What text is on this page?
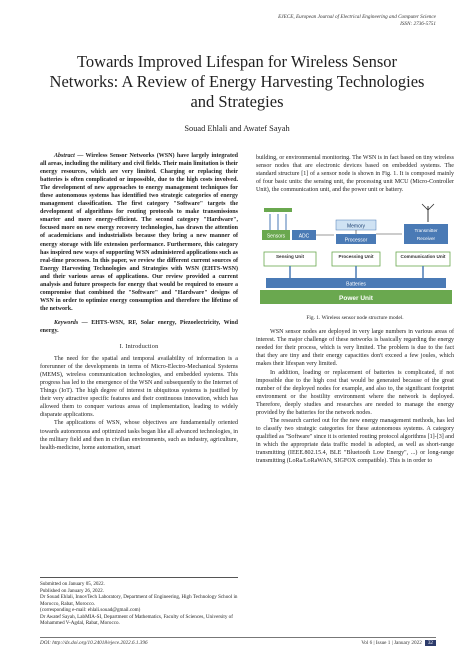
EJECE, European Journal of Electrical Engineering and Computer Science
ISSN: 2736-5751
Towards Improved Lifespan for Wireless Sensor
Networks: A Review of Energy Harvesting Technologies
and Strategies
Souad Ehlali and Awatef Sayah

Abstract — Wireless Sensor Networks (WSN) have largely integrated all areas, including the military and civil fields. Their main limitation is their energy resources, which are very limited. Charging or replacing their batteries is often complicated or impossible, due to the high costs involved. The development of new approaches to energy management techniques for these autonomous systems has identified two strategic categories of energy management classification. The first category "Software" targets the development of algorithms for routing protocols to make transmissions smarter and more energy-efficient. The second category "Hardware", focused more on new energy recovery technologies, has drawn the attention of academicians and industrialists because they bring a new manner of energy storage with life extension performance. Furthermore, this category has inspired new ways of supporting WSN administered applications such as real-time processes. In this paper, we review the different current sources of Energy Harvesting Technologies and Strategies with WSN (EHTS-WSN) and their various areas of applications. Our review provided a current analysis and future prospects for energy that would be required to ensure a compromise that combined the "Software" and "Hardware" designs of WSN in order to optimize energy consumption and therefore the lifetime of the network.

Keywords — EHTS-WSN, RF, Solar energy, Piezoelectricity, Wind energy.

I. Introduction

The need for the spatial and temporal availability of information is a forerunner of the developments in terms of Micro-Electro-Mechanical Systems (MEMS), wireless communication technologies, and embedded systems. This progress has led to the emergence of the WSN and subsequently to the Internet of Things (IoT). The high degree of interest in ubiquitous systems is justified by their very attractive specific features and their continuous innovation, which has allowed them to conquer various areas of implementation, leading to widely disparate applications.

The applications of WSN, whose objectives are fundamentally oriented towards autonomous and optimized tasks began like all advanced technologies, in the military field and then in civilian environments, such as industry, agriculture, health-medicine, home automation, smart

building, or environmental monitoring. The WSN is in fact based on tiny wireless sensor nodes that are electronic devices based on embedded systems. The standard structure [1] of a sensor node is shown in Fig. 1. It is composed mainly of four basic units: the sensing unit, the processing unit MCU (Micro-Controller Unit), the communication unit, and the power unit or battery.

Sensors	ADC
Memory
Processor
Transmitter
Receiver
Sensing Unit	Processing Unit	Communication Unit
Batteries
Power Unit
Fig. 1. Wireless sensor node structure model.

WSN sensor nodes are deployed in very large numbers in various areas of interest. The major challenge of these networks is basically regarding the energy needed for their process, which is very limited. The problem is due to the fact that they are tiny and their energy capacities don't exceed a few joules, which makes their lifespan very limited.

In addition, loading or replacement of batteries is complicated, if not impossible due to the high cost that would be generated because of the great number of the deployed nodes for example, and also to, the significant footprint environment or the hostility environment where the network is deployed. Therefore, deeply studies and researches are needed to manage the energy provided by the batteries for the network nodes.

The research carried out for the new energy management methods, has led to classify two strategic categories for these autonomous systems. A category qualified as "Software" since it is oriented routing protocol algorithms [1]-[3] and in which the appropriate data traffic model is adopted, as well as short-range transmitting (IEEE.802.15.4, BLE "Bluetooth Low Energy", ...) or long-range transmitting (LoRa/LoRaWAN, SIGFOX compatible). This is in order to

Submitted on January 05, 2022.
Published on January 26, 2022.
Dr Souad Ehlali, InnovTech Laboratory, Department of Engineering, High Technology School in Morocco, Rabat, Morocco.
(corresponding e-mail: ehlali.souad@gmail.com)
Dr Awatef Sayah, LabMIA-SI, Department of Mathematics, Faculty of Sciences, University of Mohammed V-Agdal, Rabat, Morocco.
DOI: http://dx.doi.org/10.24018/ejece.2022.6.1.396	Vol 6 | Issue 1 | January 2022 32
